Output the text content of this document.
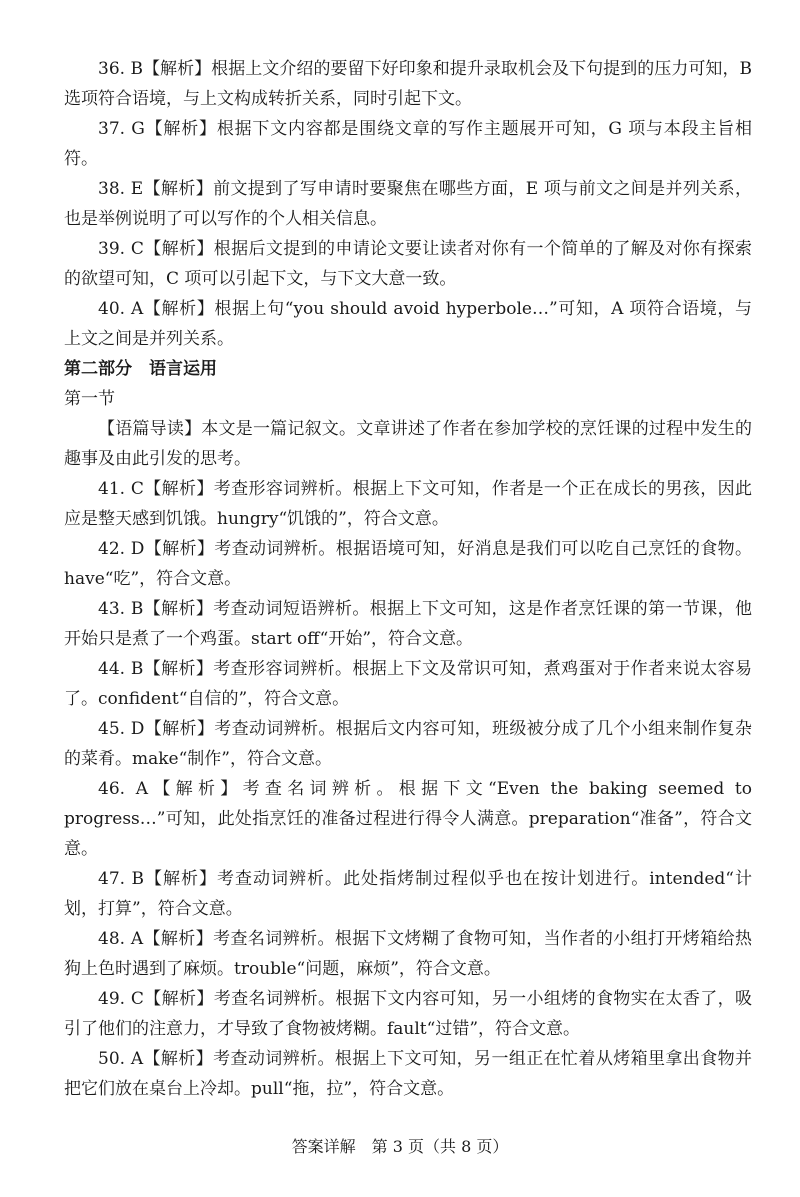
36. B【解析】根据上文介绍的要留下好印象和提升录取机会及下句提到的压力可知，B 选项符合语境，与上文构成转折关系，同时引起下文。

37. G【解析】根据下文内容都是围绕文章的写作主题展开可知，G 项与本段主旨相符。

38. E【解析】前文提到了写申请时要聚焦在哪些方面，E 项与前文之间是并列关系，也是举例说明了可以写作的个人相关信息。

39. C【解析】根据后文提到的申请论文要让读者对你有一个简单的了解及对你有探索的欲望可知，C 项可以引起下文，与下文大意一致。

40. A【解析】根据上句“you should avoid hyperbole…”可知，A 项符合语境，与上文之间是并列关系。

第二部分　语言运用

第一节

【语篇导读】本文是一篇记叙文。文章讲述了作者在参加学校的烹饪课的过程中发生的趣事及由此引发的思考。

41. C【解析】考查形容词辨析。根据上下文可知，作者是一个正在成长的男孩，因此应是整天感到饥饿。hungry“饥饿的”，符合文意。

42. D【解析】考查动词辨析。根据语境可知，好消息是我们可以吃自己烹饪的食物。have“吃”，符合文意。

43. B【解析】考查动词短语辨析。根据上下文可知，这是作者烹饪课的第一节课，他开始只是煮了一个鸡蛋。start off“开始”，符合文意。

44. B【解析】考查形容词辨析。根据上下文及常识可知，煮鸡蛋对于作者来说太容易了。confident“自信的”，符合文意。

45. D【解析】考查动词辨析。根据后文内容可知，班级被分成了几个小组来制作复杂的菜肴。make“制作”，符合文意。

46. A【解析】考查名词辨析。根据下文“Even the baking seemed to progress…”可知，此处指烹饪的准备过程进行得令人满意。preparation“准备”，符合文意。

47. B【解析】考查动词辨析。此处指烤制过程似乎也在按计划进行。intended“计划，打算”，符合文意。

48. A【解析】考查名词辨析。根据下文烤糊了食物可知，当作者的小组打开烤箱给热狗上色时遇到了麻烦。trouble“问题，麻烦”，符合文意。

49. C【解析】考查名词辨析。根据下文内容可知，另一小组烤的食物实在太香了，吸引了他们的注意力，才导致了食物被烤糊。fault“过错”，符合文意。

50. A【解析】考查动词辨析。根据上下文可知，另一组正在忙着从烤箱里拿出食物并把它们放在桌台上冷却。pull“拖，拉”，符合文意。

答案详解　第 3 页（共 8 页）
